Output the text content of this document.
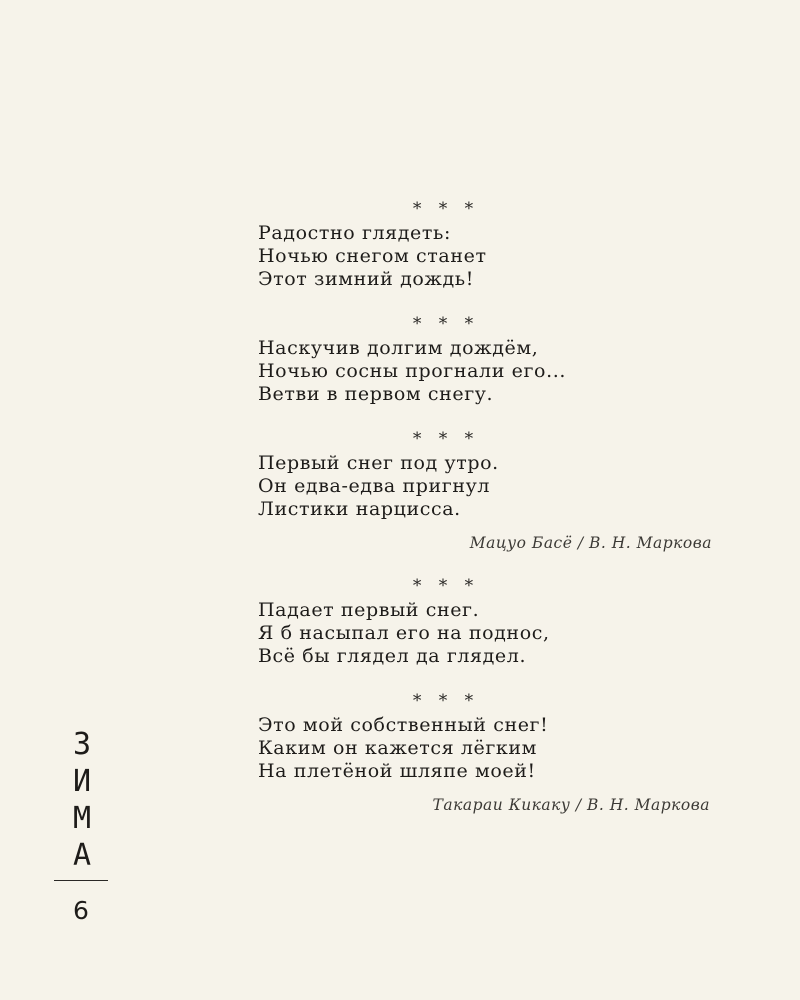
* * *
Радостно глядеть:
Ночью снегом станет
Этот зимний дождь!
* * *
Наскучив долгим дождём,
Ночью сосны прогнали его...
Ветви в первом снегу.
* * *
Первый снег под утро.
Он едва-едва пригнул
Листики нарцисса.
Мацуо Басё / В. Н. Маркова
* * *
Падает первый снег.
Я б насыпал его на поднос,
Всё бы глядел да глядел.
* * *
Это мой собственный снег!
Каким он кажется лёгким
На плетёной шляпе моей!
Такараи Кикаку / В. Н. Маркова
З
И
М
А
6
